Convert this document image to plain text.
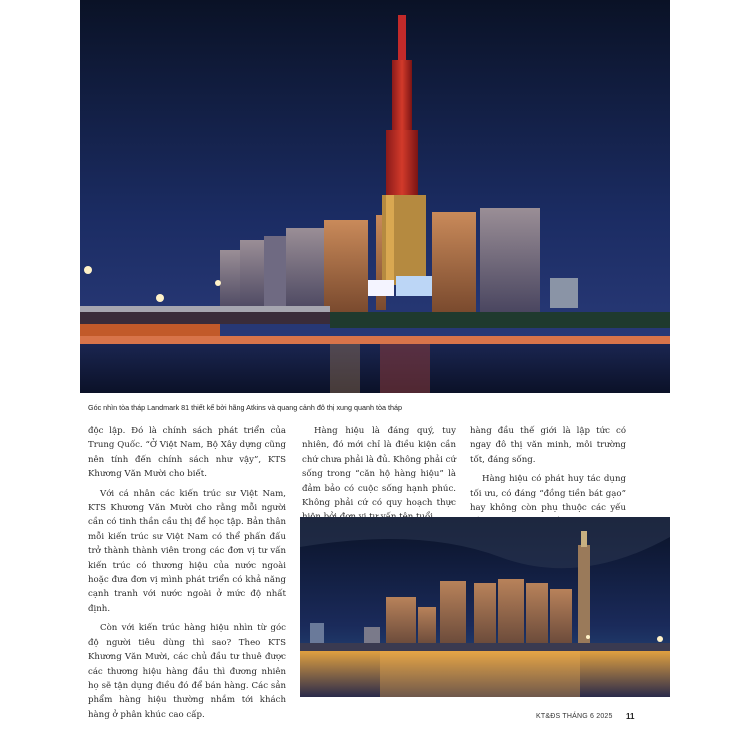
Góc nhìn tòa tháp Landmark 81 thiết kế bởi hãng Atkins và quang cảnh đô thị xung quanh tòa tháp

độc lập. Đó là chính sách phát triển của Trung Quốc. “Ở Việt Nam, Bộ Xây dựng cũng nên tính đến chính sách như vậy”, KTS Khương Văn Mười cho biết.

Với cá nhân các kiến trúc sư Việt Nam, KTS Khương Văn Mười cho rằng mỗi người cần có tinh thần cầu thị để học tập. Bản thân mỗi kiến trúc sư Việt Nam có thể phấn đấu trở thành thành viên trong các đơn vị tư vấn kiến trúc có thương hiệu của nước ngoài hoặc đưa đơn vị mình phát triển có khả năng cạnh tranh với nước ngoài ở mức độ nhất định.

Còn với kiến trúc hàng hiệu nhìn từ góc độ người tiêu dùng thì sao? Theo KTS Khương Văn Mười, các chủ đầu tư thuê được các thương hiệu hàng đầu thì đương nhiên họ sẽ tận dụng điều đó để bán hàng. Các sản phẩm hàng hiệu thường nhắm tới khách hàng ở phân khúc cao cấp.

Hàng hiệu là đáng quý, tuy nhiên, đó mới chỉ là điều kiện cần chứ chưa phải là đủ. Không phải cứ sống trong “căn hộ hàng hiệu” là đảm bảo có cuộc sống hạnh phúc. Không phải cứ có quy hoạch thực

hàng đầu thế giới là lập tức có ngay đô thị văn minh, môi trường tốt, đáng sống.

Hàng hiệu có phát huy tác dụng tối ưu, có đáng “đồng tiền bát gạo” hay không còn phụ thuộc các yếu

KT&ĐS THÁNG 6 2025 11
